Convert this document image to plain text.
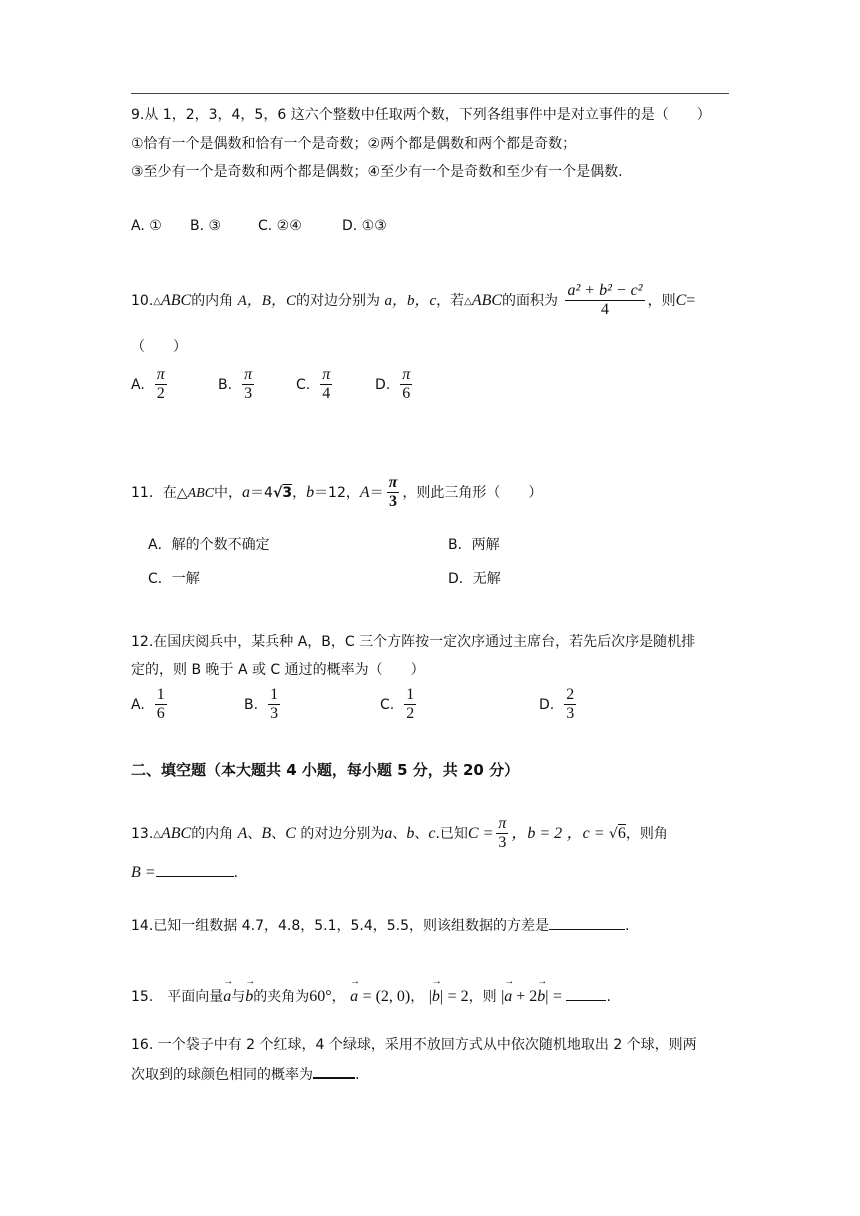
9.从 1，2，3，4，5，6 这六个整数中任取两个数，下列各组事件中是对立事件的是（　　）
①恰有一个是偶数和恰有一个是奇数；②两个都是偶数和两个都是奇数；
③至少有一个是奇数和两个都是偶数；④至少有一个是奇数和至少有一个是偶数.
A. ① B. ③	C. ②④	D. ①③
10.△ABC的内角 A，B，C的对边分别为 a，b，c，若△ABC的面积为 $\frac{\text{a² + b² − c²}}{4}$ ，则C=
（　　）
A. $\frac{\pi}{2}$	B. $\frac{\pi}{3}$	C. $\frac{\pi}{4}$	D. $\frac{\pi}{6}$
11．在△ABC中，a＝4√3，b＝12，$A= \frac{\pi}{3}$ ，则此三角形（　　）
A．解的个数不确定	B．两解
C．一解	D．无解
12.在国庆阅兵中，某兵种 A，B，C 三个方阵按一定次序通过主席台，若先后次序是随机排
定的，则 B 晚于 A 或 C 通过的概率为（　　）
A. $\frac{1}{6}$	B. $\frac{1}{3}$	C. $\frac{1}{2}$	D. $\frac{2}{3}$
二、填空题（本大题共 4 小题，每小题 5 分，共 20 分）
13.△ABC的内角 A、B、C 的对边分别为a、b、c.已知$C = \frac{\pi}{3}$ ，b = 2 ，c = √6，则角
B =	.
14.已知一组数据 4.7，4.8，5.1，5.4，5.5，则该组数据的方差是	.
15.　平面向量→ a与→ b的夹角为60°， → a = (2, 0)， |→ b| = 2，则 |→ a + 2→ b| =	.
16. 一个袋子中有 2 个红球，4 个绿球，采用不放回方式从中依次随机地取出 2 个球，则两
次取到的球颜色相同的概率为	.
